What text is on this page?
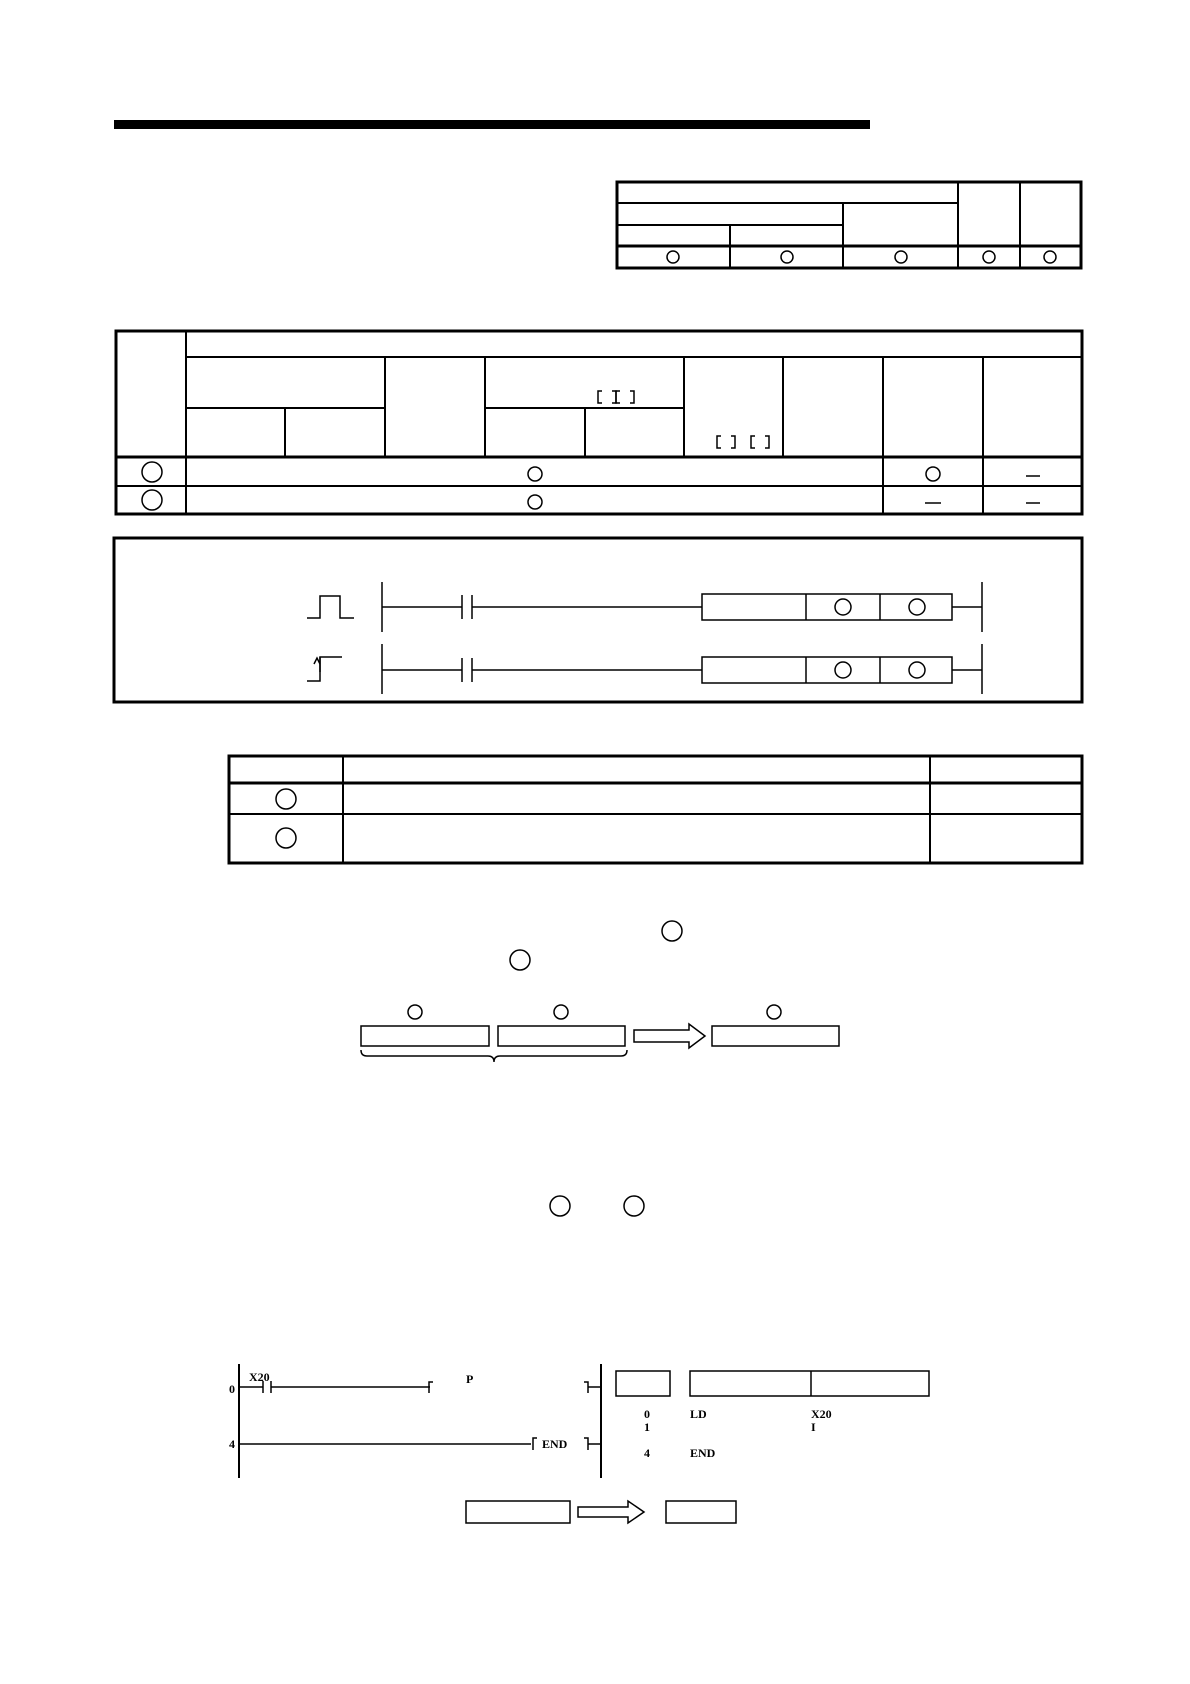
X20	P
END
0
4
0	LD	X20
1	I
4	END
